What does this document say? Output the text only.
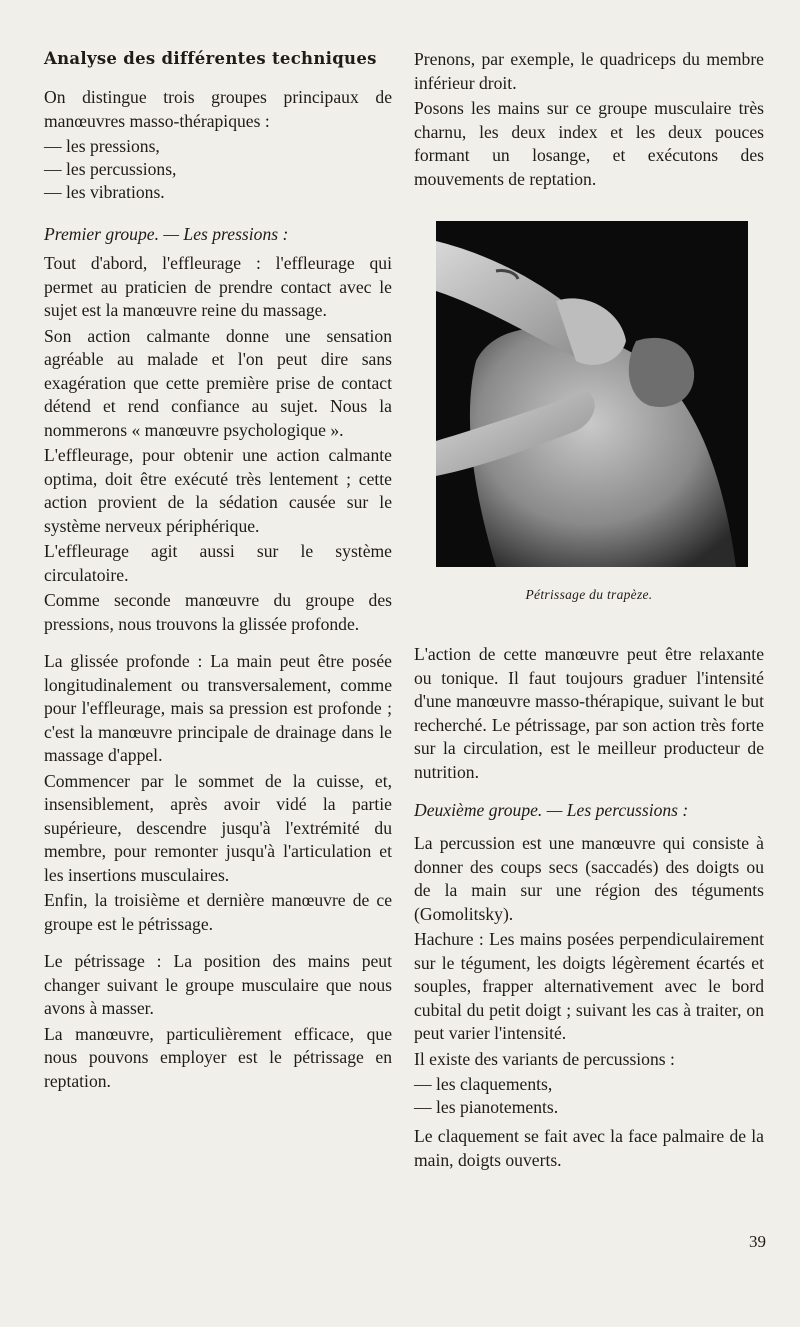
Analyse des différentes techniques

On distingue trois groupes principaux de manœuvres masso-thérapiques :

— les pressions,
— les percussions,
— les vibrations.
Premier groupe. — Les pressions :

Tout d'abord, l'effleurage : l'effleurage qui permet au praticien de prendre contact avec le sujet est la manœuvre reine du massage.

Son action calmante donne une sensation agréable au malade et l'on peut dire sans exagération que cette première prise de contact détend et rend confiance au sujet. Nous la nommerons « manœuvre psychologique ».

L'effleurage, pour obtenir une action calmante optima, doit être exécuté très lentement ; cette action provient de la sédation causée sur le système nerveux périphérique.

L'effleurage agit aussi sur le système circulatoire.

Comme seconde manœuvre du groupe des pressions, nous trouvons la glissée profonde.

La glissée profonde : La main peut être posée longitudinalement ou transversalement, comme pour l'effleurage, mais sa pression est profonde ; c'est la manœuvre principale de drainage dans le massage d'appel.

Commencer par le sommet de la cuisse, et, insensiblement, après avoir vidé la partie supérieure, descendre jusqu'à l'extrémité du membre, pour remonter jusqu'à l'articulation et les insertions musculaires.

Enfin, la troisième et dernière manœuvre de ce groupe est le pétrissage.

Le pétrissage : La position des mains peut changer suivant le groupe musculaire que nous avons à masser.

La manœuvre, particulièrement efficace, que nous pouvons employer est le pétrissage en reptation.

Prenons, par exemple, le quadriceps du membre inférieur droit.

Posons les mains sur ce groupe musculaire très charnu, les deux index et les deux pouces formant un losange, et exécutons des mouvements de reptation.

Pétrissage du trapèze.

L'action de cette manœuvre peut être relaxante ou tonique. Il faut toujours graduer l'intensité d'une manœuvre masso-thérapique, suivant le but recherché. Le pétrissage, par son action très forte sur la circulation, est le meilleur producteur de nutrition.

Deuxième groupe. — Les percussions :

La percussion est une manœuvre qui consiste à donner des coups secs (saccadés) des doigts ou de la main sur une région des téguments (Gomolitsky).

Hachure : Les mains posées perpendiculairement sur le tégument, les doigts légèrement écartés et souples, frapper alternativement avec le bord cubital du petit doigt ; suivant les cas à traiter, on peut varier l'intensité.

Il existe des variants de percussions :

— les claquements,
— les pianotements.

Le claquement se fait avec la face palmaire de la main, doigts ouverts.

39
